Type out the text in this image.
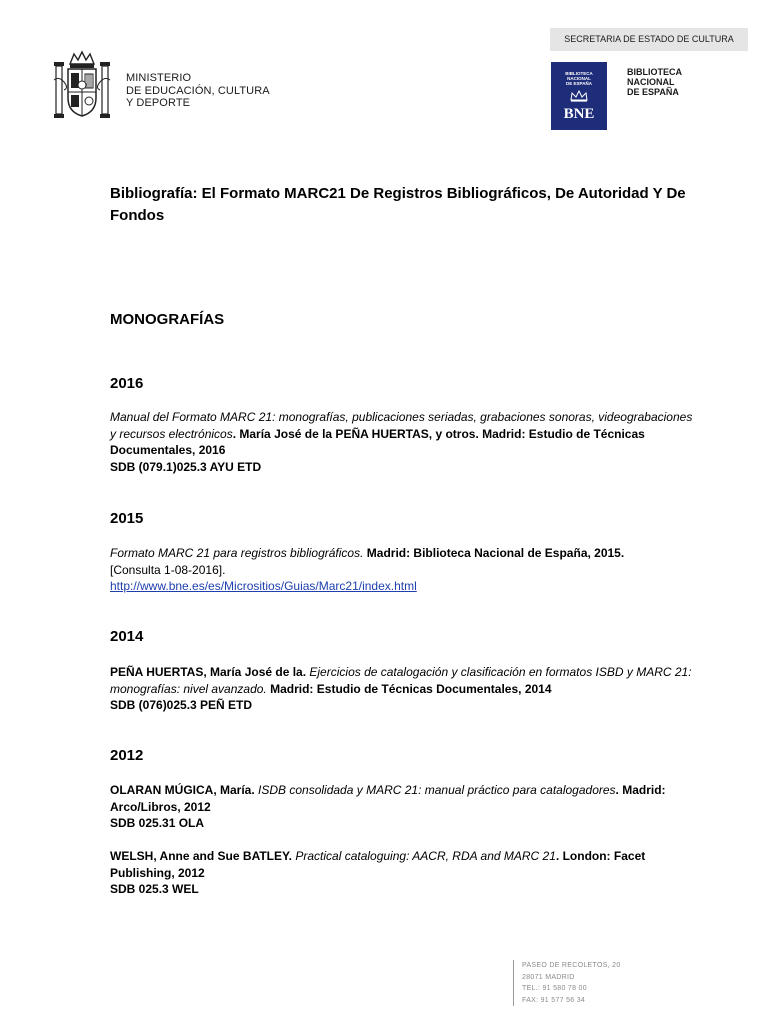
MINISTERIO
DE EDUCACIÓN, CULTURA
Y DEPORTE
SECRETARIA DE ESTADO DE CULTURA
BIBLIOTECA
NACIONAL
DE ESPAÑA
BNE
BIBLIOTECA
NACIONAL
DE ESPAÑA
Bibliografía: El Formato MARC21 De Registros Bibliográficos, De Autoridad Y De Fondos
MONOGRAFÍAS
2016
Manual del Formato MARC 21: monografías, publicaciones seriadas, grabaciones sonoras, videograbaciones y recursos electrónicos. María José de la PEÑA HUERTAS, y otros. Madrid: Estudio de Técnicas Documentales, 2016
SDB (079.1)025.3 AYU ETD
2015
Formato MARC 21 para registros bibliográficos. Madrid: Biblioteca Nacional de España, 2015.
[Consulta 1-08-2016].
http://www.bne.es/es/Micrositios/Guias/Marc21/index.html
2014
PEÑA HUERTAS, María José de la. Ejercicios de catalogación y clasificación en formatos ISBD y MARC 21: monografías: nivel avanzado. Madrid: Estudio de Técnicas Documentales, 2014
SDB (076)025.3 PEÑ ETD
2012
OLARAN MÚGICA, María. ISDB consolidada y MARC 21: manual práctico para catalogadores. Madrid: Arco/Libros, 2012
SDB 025.31 OLA
WELSH, Anne and Sue BATLEY. Practical cataloguing: AACR, RDA and MARC 21. London: Facet Publishing, 2012
SDB 025.3 WEL
PASEO DE RECOLETOS, 20
28071 MADRID
TEL.: 91 580 78 00
FAX: 91 577 56 34
